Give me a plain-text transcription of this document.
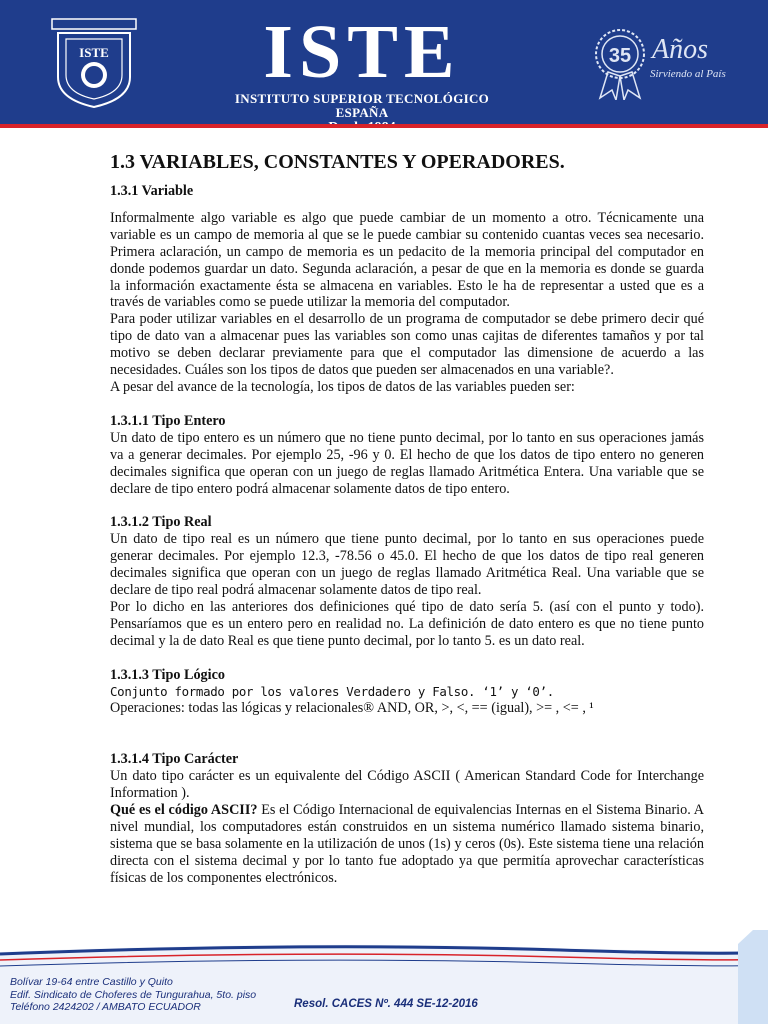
ISTE	ISTE
INSTITUTO SUPERIOR TECNOLÓGICO ESPAÑA
35 Años
Sirviendo al País
1.3 VARIABLES, CONSTANTES Y OPERADORES.
1.3.1 Variable

Informalmente algo variable es algo que puede cambiar de un momento a otro. Técnicamente una variable es un campo de memoria al que se le puede cambiar su contenido cuantas veces sea necesario. Primera aclaración, un campo de memoria es un pedacito de la memoria principal del computador en donde podemos guardar un dato. Segunda aclaración, a pesar de que en la memoria es donde se guarda la información exactamente ésta se almacena en variables. Esto le ha de representar a usted que es a través de variables como se puede utilizar la memoria del computador.

Para poder utilizar variables en el desarrollo de un programa de computador se debe primero decir qué tipo de dato van a almacenar pues las variables son como unas cajitas de diferentes tamaños y por tal motivo se deben declarar previamente para que el computador las dimensione de acuerdo a las necesidades. Cuáles son los tipos de datos que pueden ser almacenados en una variable?.

A pesar del avance de la tecnología, los tipos de datos de las variables pueden ser:

1.3.1.1 Tipo Entero

Un dato de tipo entero es un número que no tiene punto decimal, por lo tanto en sus operaciones jamás va a generar decimales. Por ejemplo 25, -96 y 0. El hecho de que los datos de tipo entero no generen decimales significa que operan con un juego de reglas llamado Aritmética Entera. Una variable que se declare de tipo entero podrá almacenar solamente datos de tipo entero.

1.3.1.2 Tipo Real

Un dato de tipo real es un número que tiene punto decimal, por lo tanto en sus operaciones puede generar decimales. Por ejemplo 12.3, -78.56 o 45.0. El hecho de que los datos de tipo real generen decimales significa que operan con un juego de reglas llamado Aritmética Real. Una variable que se declare de tipo real podrá almacenar solamente datos de tipo real.

Por lo dicho en las anteriores dos definiciones qué tipo de dato sería 5. (así con el punto y todo). Pensaríamos que es un entero pero en realidad no. La definición de dato entero es que no tiene punto decimal y la de dato Real es que tiene punto decimal, por lo tanto 5. es un dato real.

1.3.1.3 Tipo Lógico

Conjunto formado por los valores Verdadero y Falso. ‘1’ y ‘0’.

Operaciones: todas las lógicas y relacionales® AND, OR, >, <, == (igual), >= , <= , ¹

1.3.1.4 Tipo Carácter

Un dato tipo carácter es un equivalente del Código ASCII ( American Standard Code for Interchange Information ).

Qué es el código ASCII? Es el Código Internacional de equivalencias Internas en el Sistema Binario. A nivel mundial, los computadores están construidos en un sistema numérico llamado sistema binario, sistema que se basa solamente en la utilización de unos (1s) y ceros (0s). Este sistema tiene una relación directa con el sistema decimal y por lo tanto fue adoptado ya que permitía aprovechar características físicas de los componentes electrónicos.

Bolívar 19-64 entre Castillo y Quito
Edif. Sindicato de Choferes de Tungurahua, 5to. piso
Teléfono 2424202 / AMBATO ECUADOR	Resol. CACES Nº. 444 SE-12-2016
